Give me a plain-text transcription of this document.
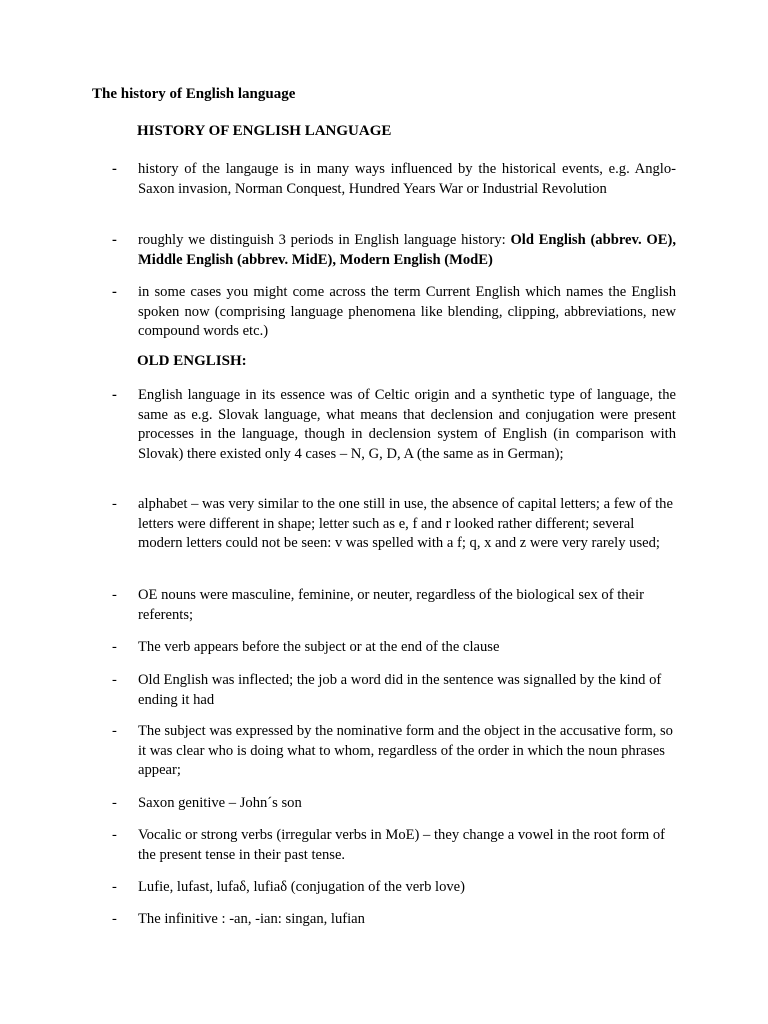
The history of English language
HISTORY OF ENGLISH LANGUAGE
- history of the langauge is in many ways influenced by the historical events, e.g. Anglo-Saxon invasion, Norman Conquest, Hundred Years War or Industrial Revolution
- roughly we distinguish 3 periods in English language history: Old English (abbrev. OE), Middle English (abbrev. MidE), Modern English (ModE)
- in some cases you might come across the term Current English which names the English spoken now (comprising language phenomena like blending, clipping, abbreviations, new compound words etc.)
OLD ENGLISH:
- English language in its essence was of Celtic origin and a synthetic type of language, the same as e.g. Slovak language, what means that declension and conjugation were present processes in the language, though in declension system of English (in comparison with Slovak) there existed only 4 cases – N, G, D, A (the same as in German);
- alphabet – was very similar to the one still in use, the absence of capital letters; a few of the letters were different in shape; letter such as e, f and r looked rather different; several modern letters could not be seen: v was spelled with a f; q, x and z were very rarely used;
- OE nouns were masculine, feminine, or neuter, regardless of the biological sex of their referents;
- The verb appears before the subject or at the end of the clause
- Old English was inflected; the job a word did in the sentence was signalled by the kind of ending it had
- The subject was expressed by the nominative form and the object in the accusative form, so it was clear who is doing what to whom, regardless of the order in which the noun phrases appear;
- Saxon genitive – John´s son
- Vocalic or strong verbs (irregular verbs in MoE) – they change a vowel in the root form of the present tense in their past tense.
- Lufie, lufast, lufaδ, lufiaδ (conjugation of the verb love)
- The infinitive : -an, -ian: singan, lufian
